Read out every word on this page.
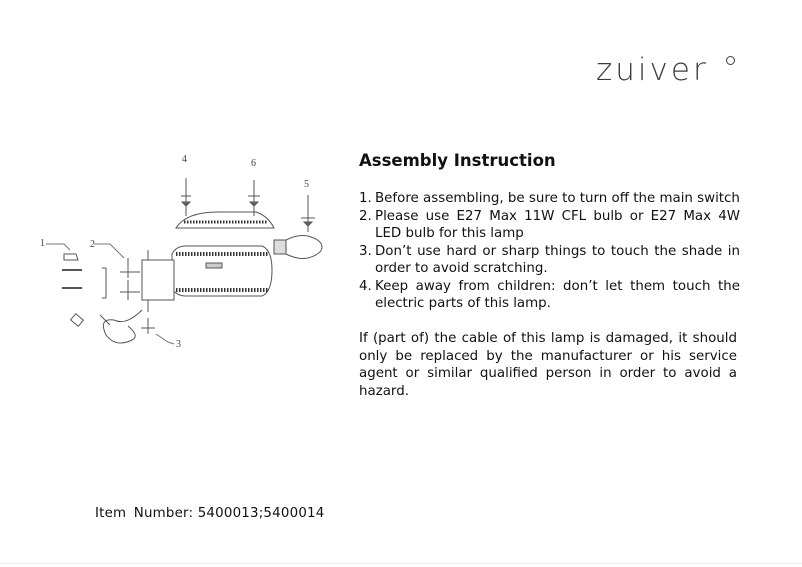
zuiver
1	2
3
4
5
6	Assembly Instruction
1. Before assembling, be sure to turn off the main switch
2. Please use E27 Max 11W CFL bulb or E27 Max 4W LED bulb for this lamp
3. Don’t use hard or sharp things to touch the shade in order to avoid scratching.
4. Keep away from children: don’t let them touch the electric parts of this lamp.

If (part of) the cable of this lamp is damaged, it should only be replaced by the manufacturer or his service agent or similar qualified person in order to avoid a hazard.

Item Number: 5400013;5400014
